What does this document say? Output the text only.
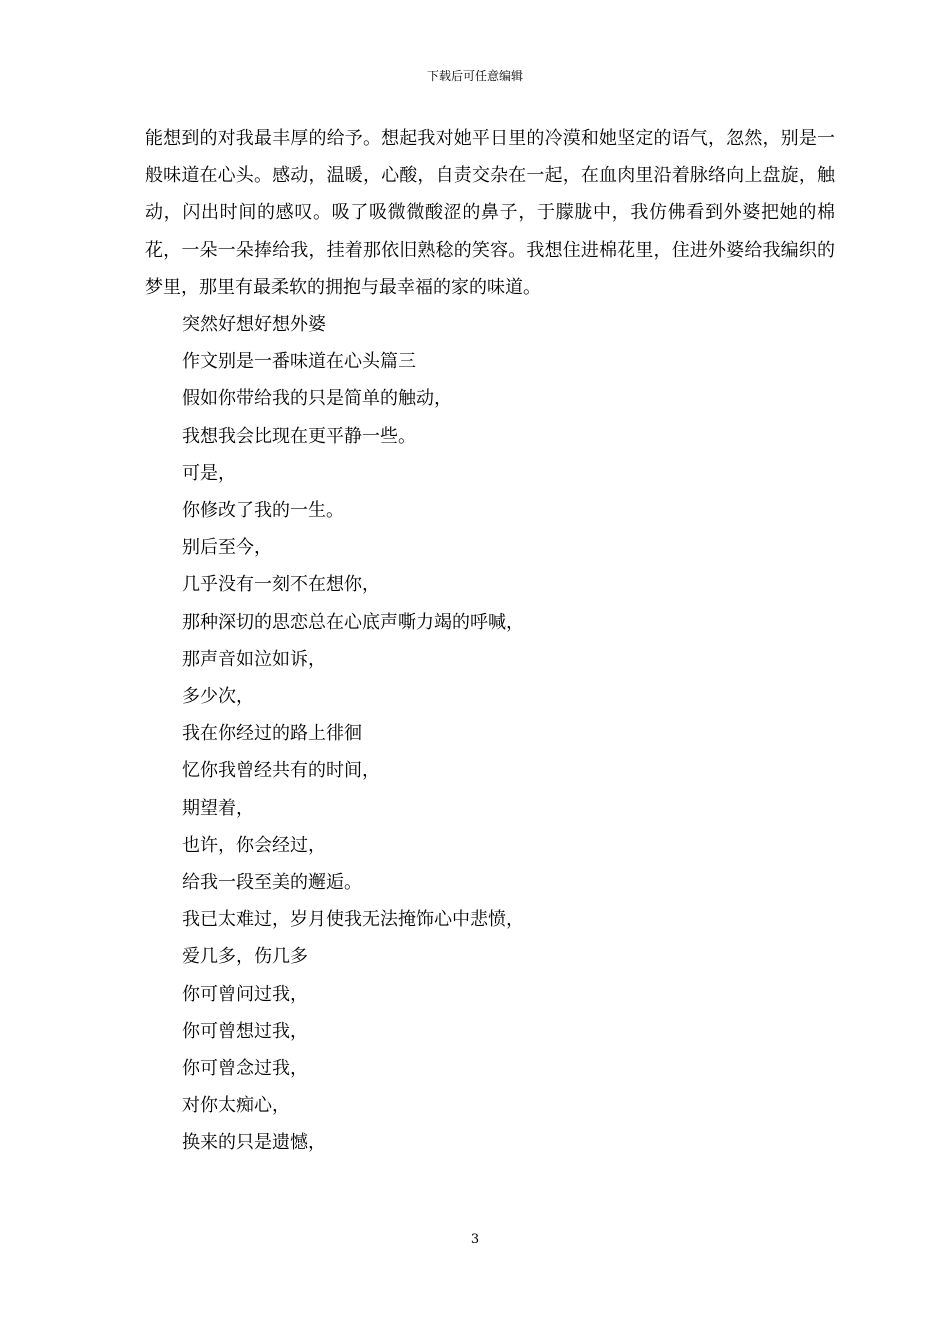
下载后可任意编辑

能想到的对我最丰厚的给予。想起我对她平日里的冷漠和她坚定的语气，忽然，别是一般味道在心头。感动，温暖，心酸，自责交杂在一起，在血肉里沿着脉络向上盘旋，触动，闪出时间的感叹。吸了吸微微酸涩的鼻子，于朦胧中，我仿佛看到外婆把她的棉花，一朵一朵捧给我，挂着那依旧熟稔的笑容。我想住进棉花里，住进外婆给我编织的梦里，那里有最柔软的拥抱与最幸福的家的味道。

突然好想好想外婆
作文别是一番味道在心头篇三
假如你带给我的只是简单的触动，
我想我会比现在更平静一些。
可是，
你修改了我的一生。
别后至今，
几乎没有一刻不在想你，
那种深切的思恋总在心底声嘶力竭的呼喊，
那声音如泣如诉，
多少次，
我在你经过的路上徘徊
忆你我曾经共有的时间，
期望着，
也许，你会经过，
给我一段至美的邂逅。
我已太难过，岁月使我无法掩饰心中悲愤，
爱几多，伤几多
你可曾问过我，
你可曾想过我，
你可曾念过我，
对你太痴心，
换来的只是遗憾，
3
